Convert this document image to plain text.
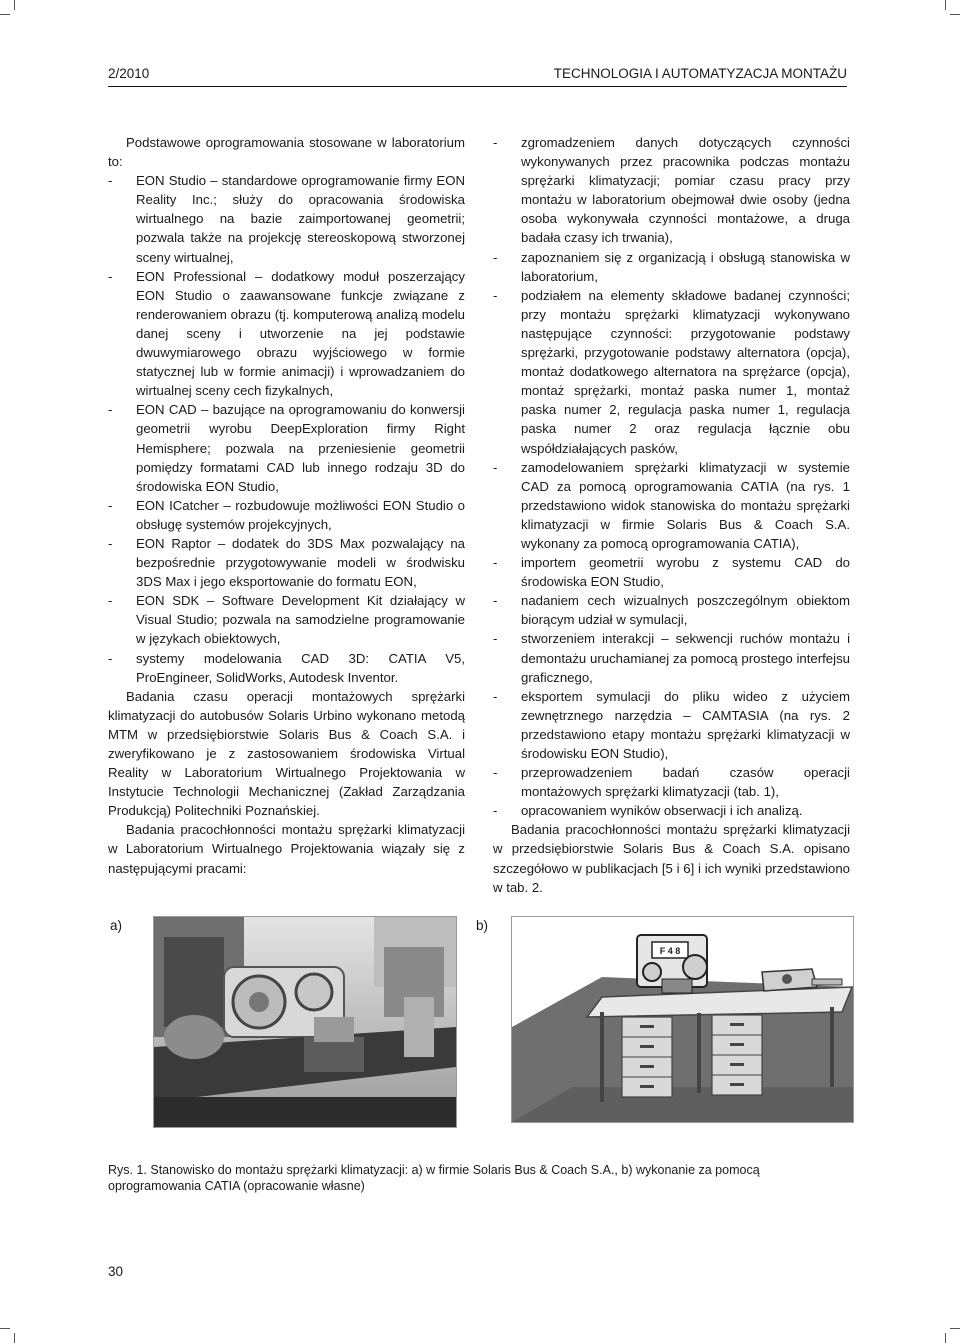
2/2010	TECHNOLOGIA I AUTOMATYZACJA MONTAŻU

Podstawowe oprogramowania stosowane w laboratorium to:

- EON Studio – standardowe oprogramowanie firmy EON Reality Inc.; służy do opracowania środowiska wirtualnego na bazie zaimportowanej geometrii; pozwala także na projekcję stereoskopową stworzonej sceny wirtualnej,
- EON Professional – dodatkowy moduł poszerzający EON Studio o zaawansowane funkcje związane z renderowaniem obrazu (tj. komputerową analizą modelu danej sceny i utworzenie na jej podstawie dwuwymiarowego obrazu wyjściowego w formie statycznej lub w formie animacji) i wprowadzaniem do wirtualnej sceny cech fizykalnych,
- EON CAD – bazujące na oprogramowaniu do konwersji geometrii wyrobu DeepExploration firmy Right Hemisphere; pozwala na przeniesienie geometrii pomiędzy formatami CAD lub innego rodzaju 3D do środowiska EON Studio,
- EON ICatcher – rozbudowuje możliwości EON Studio o obsługę systemów projekcyjnych,
- EON Raptor – dodatek do 3DS Max pozwalający na bezpośrednie przygotowywanie modeli w środwisku 3DS Max i jego eksportowanie do formatu EON,
- EON SDK – Software Development Kit działający w Visual Studio; pozwala na samodzielne programowanie w językach obiektowych,
- systemy modelowania CAD 3D: CATIA V5, ProEngineer, SolidWorks, Autodesk Inventor.

Badania czasu operacji montażowych sprężarki klimatyzacji do autobusów Solaris Urbino wykonano metodą MTM w przedsiębiorstwie Solaris Bus & Coach S.A. i zweryfikowano je z zastosowaniem środowiska Virtual Reality w Laboratorium Wirtualnego Projektowania w Instytucie Technologii Mechanicznej (Zakład Zarządzania Produkcją) Politechniki Poznańskiej.

Badania pracochłonności montażu sprężarki klimatyzacji w Laboratorium Wirtualnego Projektowania wiązały się z następującymi pracami:

- zgromadzeniem danych dotyczących czynności wykonywanych przez pracownika podczas montażu sprężarki klimatyzacji; pomiar czasu pracy przy montażu w laboratorium obejmował dwie osoby (jedna osoba wykonywała czynności montażowe, a druga badała czasy ich trwania),
- zapoznaniem się z organizacją i obsługą stanowiska w laboratorium,
- podziałem na elementy składowe badanej czynności; przy montażu sprężarki klimatyzacji wykonywano następujące czynności: przygotowanie podstawy sprężarki, przygotowanie podstawy alternatora (opcja), montaż dodatkowego alternatora na sprężarce (opcja), montaż sprężarki, montaż paska numer 1, montaż paska numer 2, regulacja paska numer 1, regulacja paska numer 2 oraz regulacja łącznie obu współdziałających pasków,
- zamodelowaniem sprężarki klimatyzacji w systemie CAD za pomocą oprogramowania CATIA (na rys. 1 przedstawiono widok stanowiska do montażu sprężarki klimatyzacji w firmie Solaris Bus & Coach S.A. wykonany za pomocą oprogramowania CATIA),
- importem geometrii wyrobu z systemu CAD do środowiska EON Studio,
- nadaniem cech wizualnych poszczególnym obiektom biorącym udział w symulacji,
- stworzeniem interakcji – sekwencji ruchów montażu i demontażu uruchamianej za pomocą prostego interfejsu graficznego,
- eksportem symulacji do pliku wideo z użyciem zewnętrznego narzędzia – CAMTASIA (na rys. 2 przedstawiono etapy montażu sprężarki klimatyzacji w środowisku EON Studio),
- przeprowadzeniem badań czasów operacji montażowych sprężarki klimatyzacji (tab. 1),
- opracowaniem wyników obserwacji i ich analizą.

Badania pracochłonności montażu sprężarki klimatyzacji w przedsiębiorstwie Solaris Bus & Coach S.A. opisano szczegółowo w publikacjach [5 i 6] i ich wyniki przedstawiono w tab. 2.

a)	b)
F 4 8
Rys. 1. Stanowisko do montażu sprężarki klimatyzacji: a) w firmie Solaris Bus & Coach S.A., b) wykonanie za pomocą oprogramowania CATIA (opracowanie własne)
30
